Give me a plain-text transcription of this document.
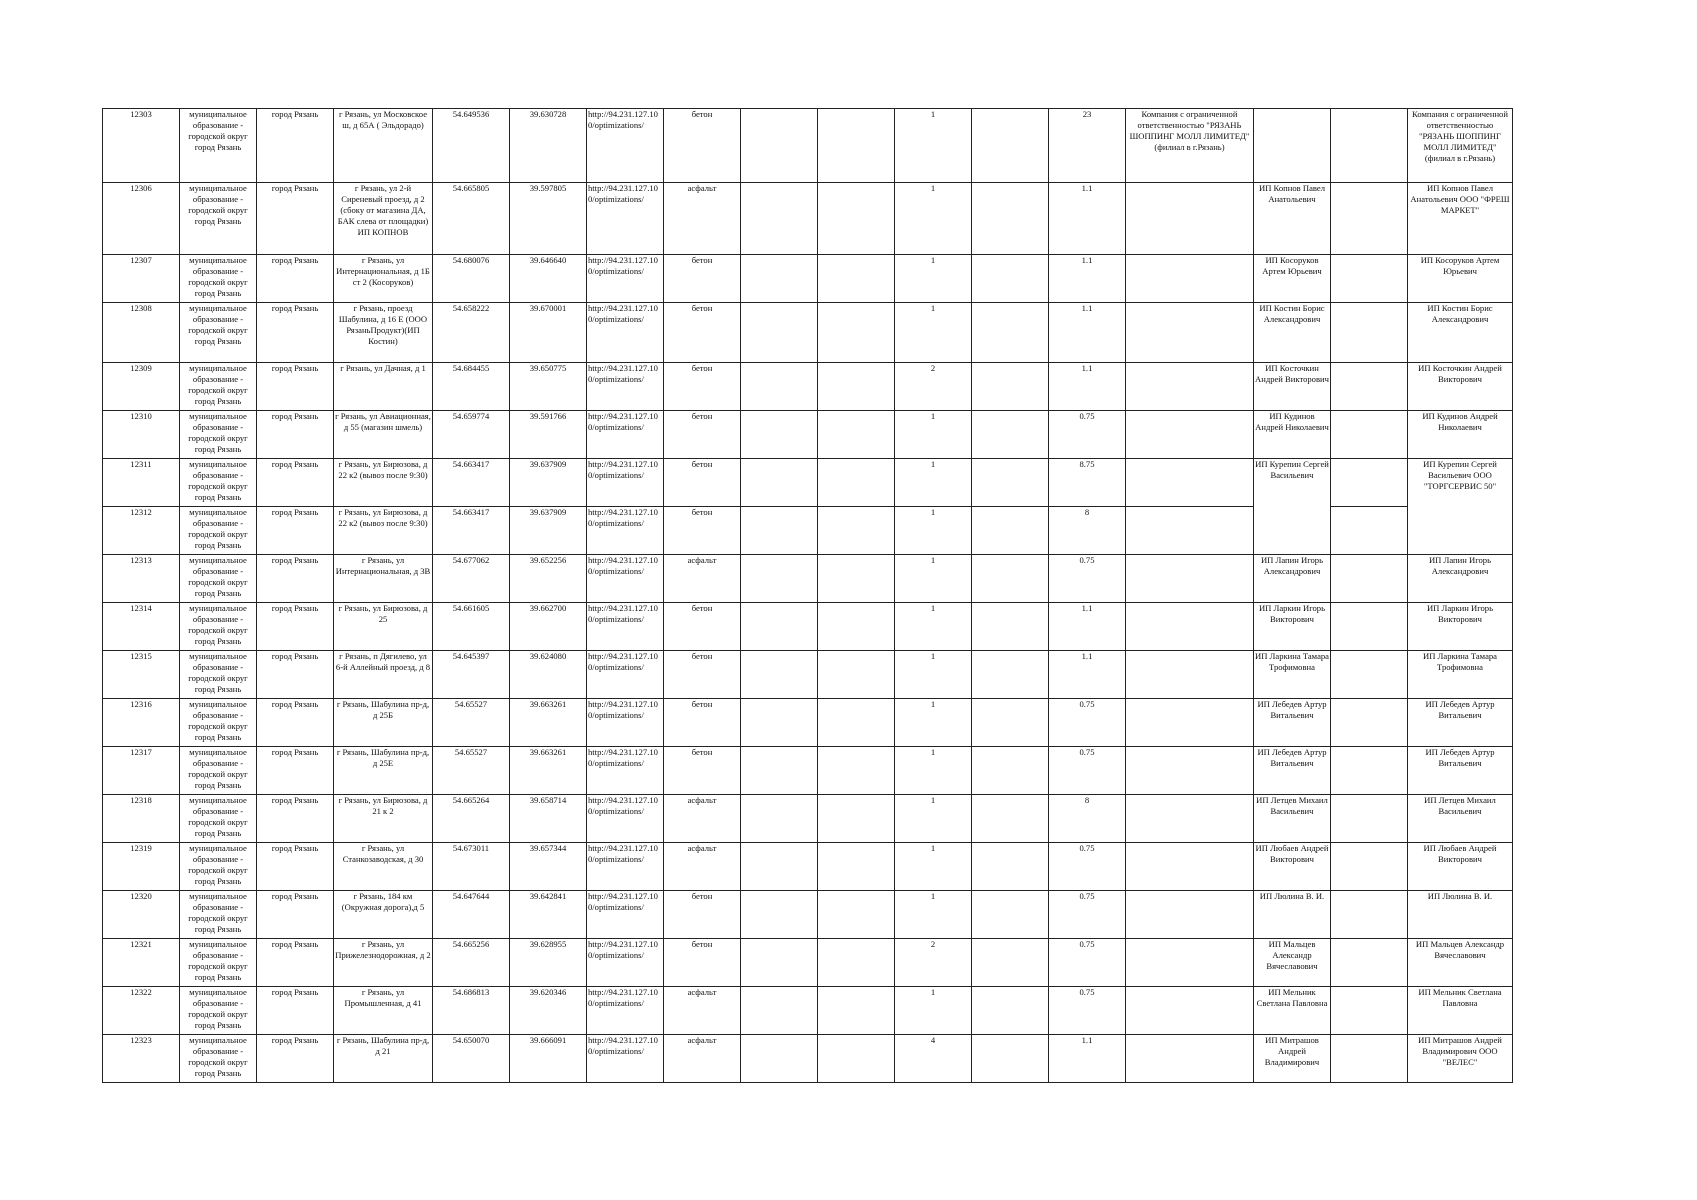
12303	муниципальное образование - городской округ город Рязань	город Рязань	г Рязань, ул Московское ш, д 65А ( Эльдорадо)	54.649536	39.630728	http://94.231.127.10 0/optimizations/	бетон			1		23	Компания с ограниченной ответственностью "РЯЗАНЬ ШОППИНГ МОЛЛ ЛИМИТЕД" (филиал в г.Рязань)			Компания с ограниченной ответственностью "РЯЗАНЬ ШОППИНГ МОЛЛ ЛИМИТЕД" (филиал в г.Рязань)
12306	муниципальное образование - городской округ город Рязань	город Рязань	г Рязань, ул 2-й Сиреневый проезд, д 2 (сбоку от магазина ДА, БАК слева от площадки) ИП КОПНОВ	54.665805	39.597805	http://94.231.127.10 0/optimizations/	асфальт			1		1.1		ИП Копнов Павел Анатольевич		ИП Копнов Павел Анатольевич ООО "ФРЕШ МАРКЕТ"
12307	муниципальное образование - городской округ город Рязань	город Рязань	г Рязань, ул Интернациональная, д 1Б ст 2 (Косоруков)	54.680076	39.646640	http://94.231.127.10 0/optimizations/	бетон			1		1.1		ИП Косоруков Артем Юрьевич		ИП Косоруков Артем Юрьевич
12308	муниципальное образование - городской округ город Рязань	город Рязань	г Рязань, проезд Шабулина, д 16 Е (ООО РязаньПродукт)(ИП Костин)	54.658222	39.670001	http://94.231.127.10 0/optimizations/	бетон			1		1.1		ИП Костин Борис Александрович		ИП Костин Борис Александрович
12309	муниципальное образование - городской округ город Рязань	город Рязань	г Рязань, ул Дачная, д 1	54.684455	39.650775	http://94.231.127.10 0/optimizations/	бетон			2		1.1		ИП Косточкин Андрей Викторович		ИП Косточкин Андрей Викторович
12310	муниципальное образование - городской округ город Рязань	город Рязань	г Рязань, ул Авиационная, д 55 (магазин шмель)	54.659774	39.591766	http://94.231.127.10 0/optimizations/	бетон			1		0.75		ИП Кудинов Андрей Николаевич		ИП Кудинов Андрей Николаевич
12311	муниципальное образование - городской округ город Рязань	город Рязань	г Рязань, ул Бирюзова, д 22 к2 (вывоз после 9:30)	54.663417	39.637909	http://94.231.127.10 0/optimizations/	бетон			1		8.75		ИП Курепин Сергей Васильевич		ИП Курепин Сергей Васильевич ООО "ТОРГСЕРВИС 50"
12312	муниципальное образование - городской округ город Рязань	город Рязань	г Рязань, ул Бирюзова, д 22 к2 (вывоз после 9:30)	54.663417	39.637909	http://94.231.127.10 0/optimizations/	бетон			1		8				
12313	муниципальное образование - городской округ город Рязань	город Рязань	г Рязань, ул Интернациональная, д 3В	54.677062	39.652256	http://94.231.127.10 0/optimizations/	асфальт			1		0.75		ИП Лапин Игорь Александрович		ИП Лапин Игорь Александрович
12314	муниципальное образование - городской округ город Рязань	город Рязань	г Рязань, ул Бирюзова, д 25	54.661605	39.662700	http://94.231.127.10 0/optimizations/	бетон			1		1.1		ИП Ларкин Игорь Викторович		ИП Ларкин Игорь Викторович
12315	муниципальное образование - городской округ город Рязань	город Рязань	г Рязань, п Дягилево, ул 6-й Аллейный проезд, д 8	54.645397	39.624080	http://94.231.127.10 0/optimizations/	бетон			1		1.1		ИП Ларкина Тамара Трофимовна		ИП Ларкина Тамара Трофимовна
12316	муниципальное образование - городской округ город Рязань	город Рязань	г Рязань, Шабулина пр-д, д 25Б	54.65527	39.663261	http://94.231.127.10 0/optimizations/	бетон			1		0.75		ИП Лебедев Артур Витальевич		ИП Лебедев Артур Витальевич
12317	муниципальное образование - городской округ город Рязань	город Рязань	г Рязань, Шабулина пр-д, д 25Е	54.65527	39.663261	http://94.231.127.10 0/optimizations/	бетон			1		0.75		ИП Лебедев Артур Витальевич		ИП Лебедев Артур Витальевич
12318	муниципальное образование - городской округ город Рязань	город Рязань	г Рязань, ул Бирюзова, д 21 к 2	54.665264	39.658714	http://94.231.127.10 0/optimizations/	асфальт			1		8		ИП Летцев Михаил Васильевич		ИП Летцев Михаил Васильевич
12319	муниципальное образование - городской округ город Рязань	город Рязань	г Рязань, ул Станкозаводская, д 30	54.673011	39.657344	http://94.231.127.10 0/optimizations/	асфальт			1		0.75		ИП Любаев Андрей Викторович		ИП Любаев Андрей Викторович
12320	муниципальное образование - городской округ город Рязань	город Рязань	г Рязань, 184 км (Окружная дорога),д 5	54.647644	39.642841	http://94.231.127.10 0/optimizations/	бетон			1		0.75		ИП Люлина В. И.		ИП Люлина В. И.
12321	муниципальное образование - городской округ город Рязань	город Рязань	г Рязань, ул Прижелезнодорожная, д 2	54.665256	39.628955	http://94.231.127.10 0/optimizations/	бетон			2		0.75		ИП Мальцев Александр Вячеславович		ИП Мальцев Александр Вячеславович
12322	муниципальное образование - городской округ город Рязань	город Рязань	г Рязань, ул Промышленная, д 41	54.686813	39.620346	http://94.231.127.10 0/optimizations/	асфальт			1		0.75		ИП Мельник Светлана Павловна		ИП Мельник Светлана Павловна
12323	муниципальное образование - городской округ город Рязань	город Рязань	г Рязань, Шабулина пр-д, д 21	54.650070	39.666091	http://94.231.127.10 0/optimizations/	асфальт			4		1.1		ИП Митрашов Андрей Владимирович		ИП Митрашов Андрей Владимирович ООО "ВЕЛЕС"
